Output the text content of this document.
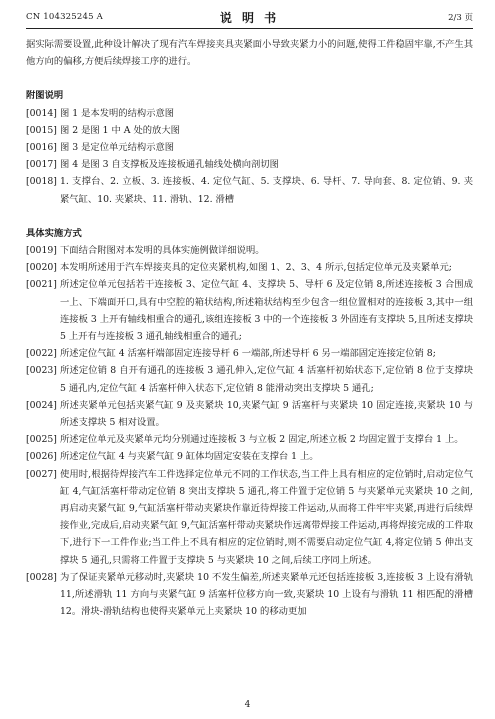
CN 104325245 A	说 明 书	2/3 页

据实际需要设置,此种设计解决了现有汽车焊接夹具夹紧面小导致夹紧力小的问题,使得工件稳固牢靠,不产生其他方向的偏移,方便后续焊接工序的进行。

附图说明

[0014] 图 1 是本发明的结构示意图
[0015] 图 2 是图 1 中 A 处的放大图
[0016] 图 3 是定位单元结构示意图
[0017] 图 4 是图 3 自支撑板及连接板通孔轴线处横向剖切图
[0018] 1. 支撑台、2. 立板、3. 连接板、4. 定位气缸、5. 支撑块、6. 导杆、7. 导向套、8. 定位销、9. 夹紧气缸、10. 夹紧块、11. 滑轨、12. 滑槽

具体实施方式

[0019] 下面结合附图对本发明的具体实施例做详细说明。
[0020] 本发明所述用于汽车焊接夹具的定位夹紧机构,如图 1、2、3、4 所示,包括定位单元及夹紧单元;
[0021] 所述定位单元包括若干连接板 3、定位气缸 4、支撑块 5、导杆 6 及定位销 8,所述连接板 3 合围成一上、下端面开口,具有中空腔的箱状结构,所述箱状结构至少包含一组位置相对的连接板 3,其中一组连接板 3 上开有轴线相重合的通孔,该组连接板 3 中的一个连接板 3 外固连有支撑块 5,且所述支撑块 5 上开有与连接板 3 通孔轴线相重合的通孔;
[0022] 所述定位气缸 4 活塞杆端部固定连接导杆 6 一端部,所述导杆 6 另一端部固定连接定位销 8;
[0023] 所述定位销 8 自开有通孔的连接板 3 通孔伸入,定位气缸 4 活塞杆初始状态下,定位销 8 位于支撑块 5 通孔内,定位气缸 4 活塞杆伸入状态下,定位销 8 能滑动突出支撑块 5 通孔;
[0024] 所述夹紧单元包括夹紧气缸 9 及夹紧块 10,夹紧气缸 9 活塞杆与夹紧块 10 固定连接,夹紧块 10 与所述支撑块 5 相对设置。
[0025] 所述定位单元及夹紧单元均分别通过连接板 3 与立板 2 固定,所述立板 2 均固定置于支撑台 1 上。
[0026] 所述定位气缸 4 与夹紧气缸 9 缸体均固定安装在支撑台 1 上。
[0027] 使用时,根据待焊接汽车工件选择定位单元不同的工作状态,当工件上具有相应的定位销时,启动定位气缸 4,气缸活塞杆带动定位销 8 突出支撑块 5 通孔,将工件置于定位销 5 与夹紧单元夹紧块 10 之间,再启动夹紧气缸 9,气缸活塞杆带动夹紧块作靠近待焊接工件运动,从而将工件牢牢夹紧,再进行后续焊接作业,完成后,启动夹紧气缸 9,气缸活塞杆带动夹紧块作远离带焊接工件运动,再将焊接完成的工件取下,进行下一工件作业;当工件上不具有相应的定位销时,则不需要启动定位气缸 4,将定位销 5 伸出支撑块 5 通孔,只需将工件置于支撑块 5 与夹紧块 10 之间,后续工序同上所述。
[0028] 为了保证夹紧单元移动时,夹紧块 10 不发生偏差,所述夹紧单元还包括连接板 3,连接板 3 上设有滑轨 11,所述滑轨 11 方向与夹紧气缸 9 活塞杆位移方向一致,夹紧块 10 上设有与滑轨 11 相匹配的滑槽 12。滑块-滑轨结构也使得夹紧单元上夹紧块 10 的移动更加
4
